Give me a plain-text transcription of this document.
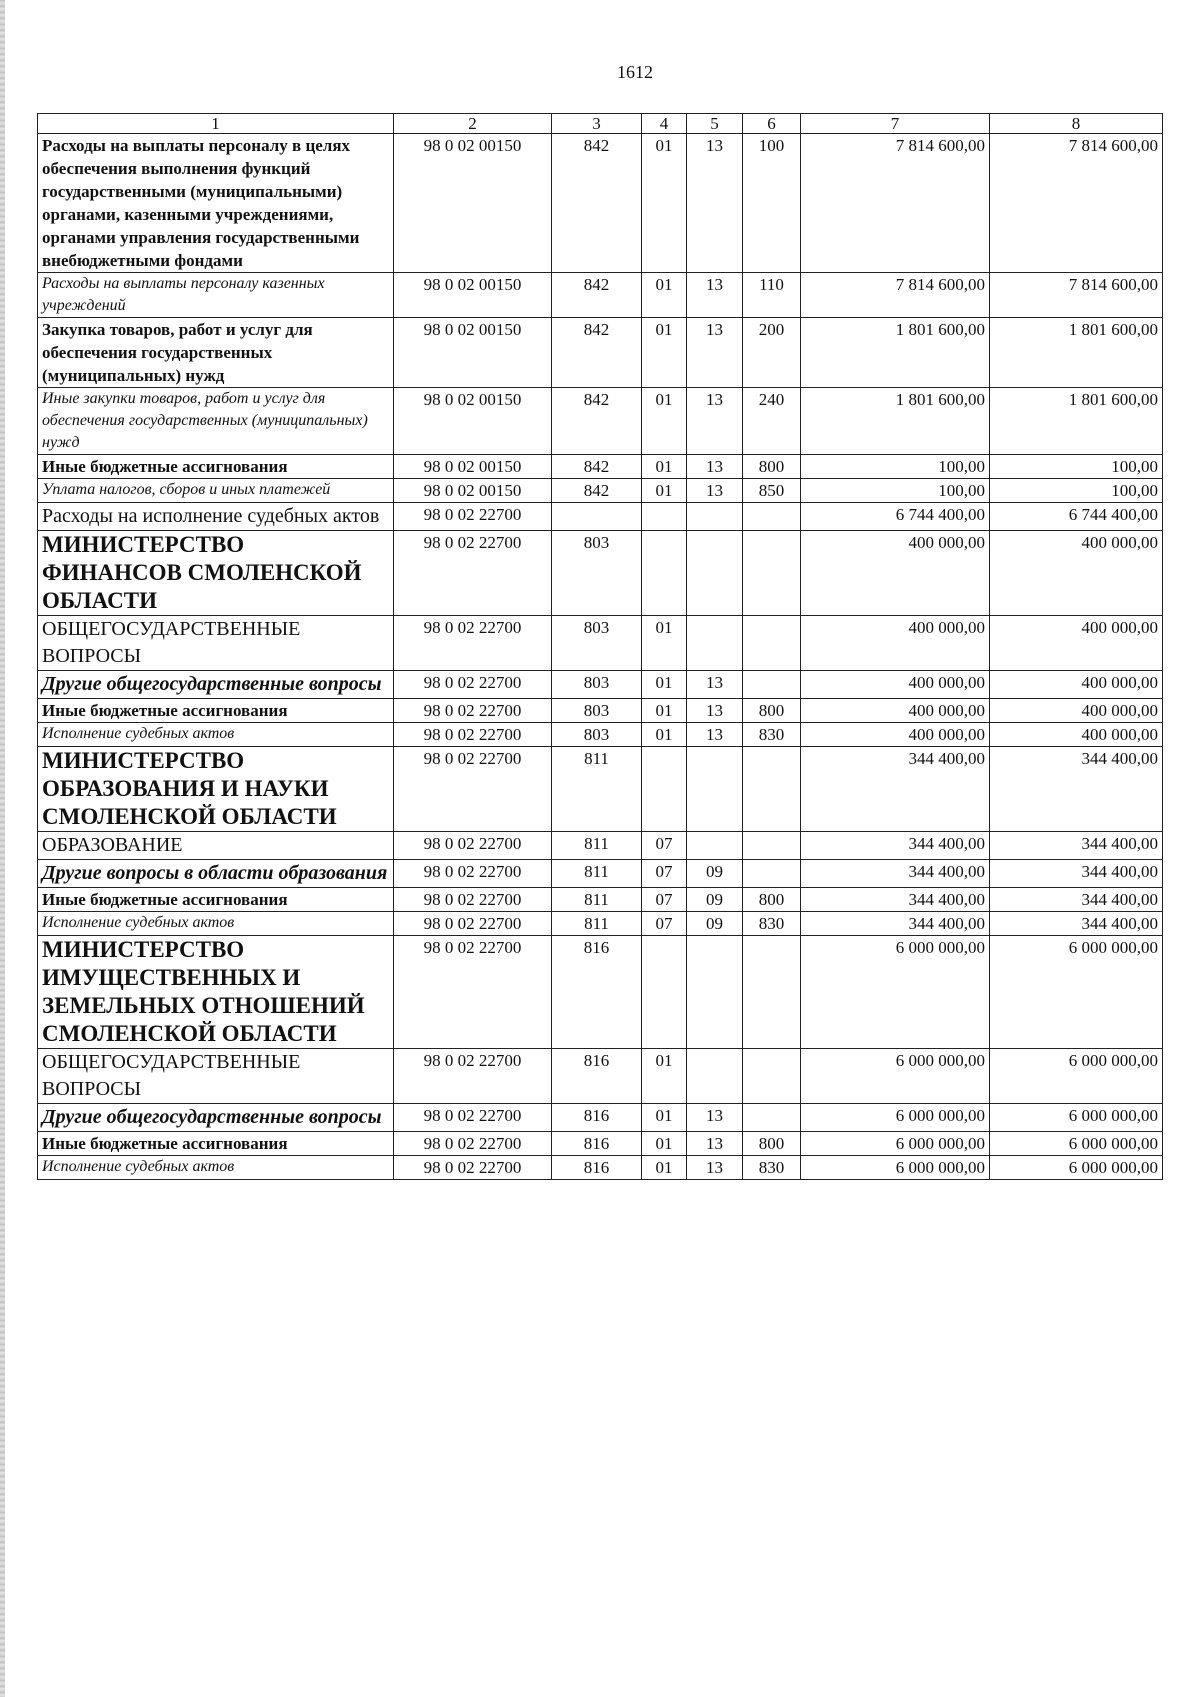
1612
1	2	3	4	5	6	7	8
Расходы на выплаты персоналу в целях обеспечения выполнения функций государственными (муниципальными) органами, казенными учреждениями, органами управления государственными внебюджетными фондами	98 0 02 00150	842	01	13	100	7 814 600,00	7 814 600,00
Расходы на выплаты персоналу казенных учреждений	98 0 02 00150	842	01	13	110	7 814 600,00	7 814 600,00
Закупка товаров, работ и услуг для обеспечения государственных (муниципальных) нужд	98 0 02 00150	842	01	13	200	1 801 600,00	1 801 600,00
Иные закупки товаров, работ и услуг для обеспечения государственных (муниципальных) нужд	98 0 02 00150	842	01	13	240	1 801 600,00	1 801 600,00
Иные бюджетные ассигнования	98 0 02 00150	842	01	13	800	100,00	100,00
Уплата налогов, сборов и иных платежей	98 0 02 00150	842	01	13	850	100,00	100,00
Расходы на исполнение судебных актов	98 0 02 22700					6 744 400,00	6 744 400,00
МИНИСТЕРСТВО ФИНАНСОВ СМОЛЕНСКОЙ ОБЛАСТИ	98 0 02 22700	803				400 000,00	400 000,00
ОБЩЕГОСУДАРСТВЕННЫЕ ВОПРОСЫ	98 0 02 22700	803	01			400 000,00	400 000,00
Другие общегосударственные вопросы	98 0 02 22700	803	01	13		400 000,00	400 000,00
Иные бюджетные ассигнования	98 0 02 22700	803	01	13	800	400 000,00	400 000,00
Исполнение судебных актов	98 0 02 22700	803	01	13	830	400 000,00	400 000,00
МИНИСТЕРСТВО ОБРАЗОВАНИЯ И НАУКИ СМОЛЕНСКОЙ ОБЛАСТИ	98 0 02 22700	811				344 400,00	344 400,00
ОБРАЗОВАНИЕ	98 0 02 22700	811	07			344 400,00	344 400,00
Другие вопросы в области образования	98 0 02 22700	811	07	09		344 400,00	344 400,00
Иные бюджетные ассигнования	98 0 02 22700	811	07	09	800	344 400,00	344 400,00
Исполнение судебных актов	98 0 02 22700	811	07	09	830	344 400,00	344 400,00
МИНИСТЕРСТВО ИМУЩЕСТВЕННЫХ И ЗЕМЕЛЬНЫХ ОТНОШЕНИЙ СМОЛЕНСКОЙ ОБЛАСТИ	98 0 02 22700	816				6 000 000,00	6 000 000,00
ОБЩЕГОСУДАРСТВЕННЫЕ ВОПРОСЫ	98 0 02 22700	816	01			6 000 000,00	6 000 000,00
Другие общегосударственные вопросы	98 0 02 22700	816	01	13		6 000 000,00	6 000 000,00
Иные бюджетные ассигнования	98 0 02 22700	816	01	13	800	6 000 000,00	6 000 000,00
Исполнение судебных актов	98 0 02 22700	816	01	13	830	6 000 000,00	6 000 000,00
